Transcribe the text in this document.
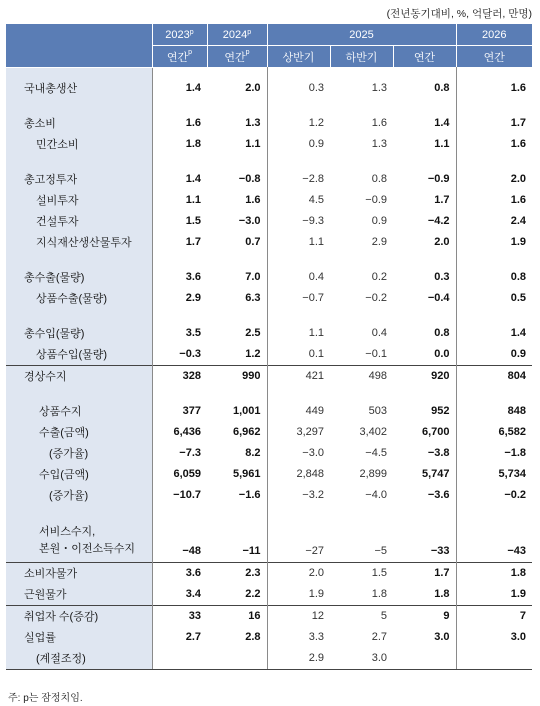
(전년동기대비, %, 억달러, 만명)
	2023$^p$	2024$^p$	2025			2026
	연간$^p$	연간$^p$	상반기	하반기	연간	연간

국내총생산	1.4	2.0	0.3	1.3	0.8	1.6

총소비	1.6	1.3	1.2	1.6	1.4	1.7
민간소비	1.8	1.1	0.9	1.3	1.1	1.6

총고정투자	1.4	−0.8	−2.8	0.8	−0.9	2.0
설비투자	1.1	1.6	4.5	−0.9	1.7	1.6
건설투자	1.5	−3.0	−9.3	0.9	−4.2	2.4
지식재산생산물투자	1.7	0.7	1.1	2.9	2.0	1.9

총수출(물량)	3.6	7.0	0.4	0.2	0.3	0.8
상품수출(물량)	2.9	6.3	−0.7	−0.2	−0.4	0.5

총수입(물량)	3.5	2.5	1.1	0.4	0.8	1.4
상품수입(물량)	−0.3	1.2	0.1	−0.1	0.0	0.9
경상수지	328	990	421	498	920	804

상품수지	377	1,001	449	503	952	848
수출(금액)	6,436	6,962	3,297	3,402	6,700	6,582
(증가율)	−7.3	8.2	−3.0	−4.5	−3.8	−1.8
수입(금액)	6,059	5,961	2,848	2,899	5,747	5,734
(증가율)	−10.7	−1.6	−3.2	−4.0	−3.6	−0.2

서비스수지,
본원・이전소득수지	−48	−11	−27	−5	−33	−43
소비자물가	3.6	2.3	2.0	1.5	1.7	1.8
근원물가	3.4	2.2	1.9	1.8	1.8	1.9
취업자 수(증감)	33	16	12	5	9	7
실업률	2.7	2.8	3.3	2.7	3.0	3.0
(계절조정)			2.9	3.0		
주: p는 잠정치임.
